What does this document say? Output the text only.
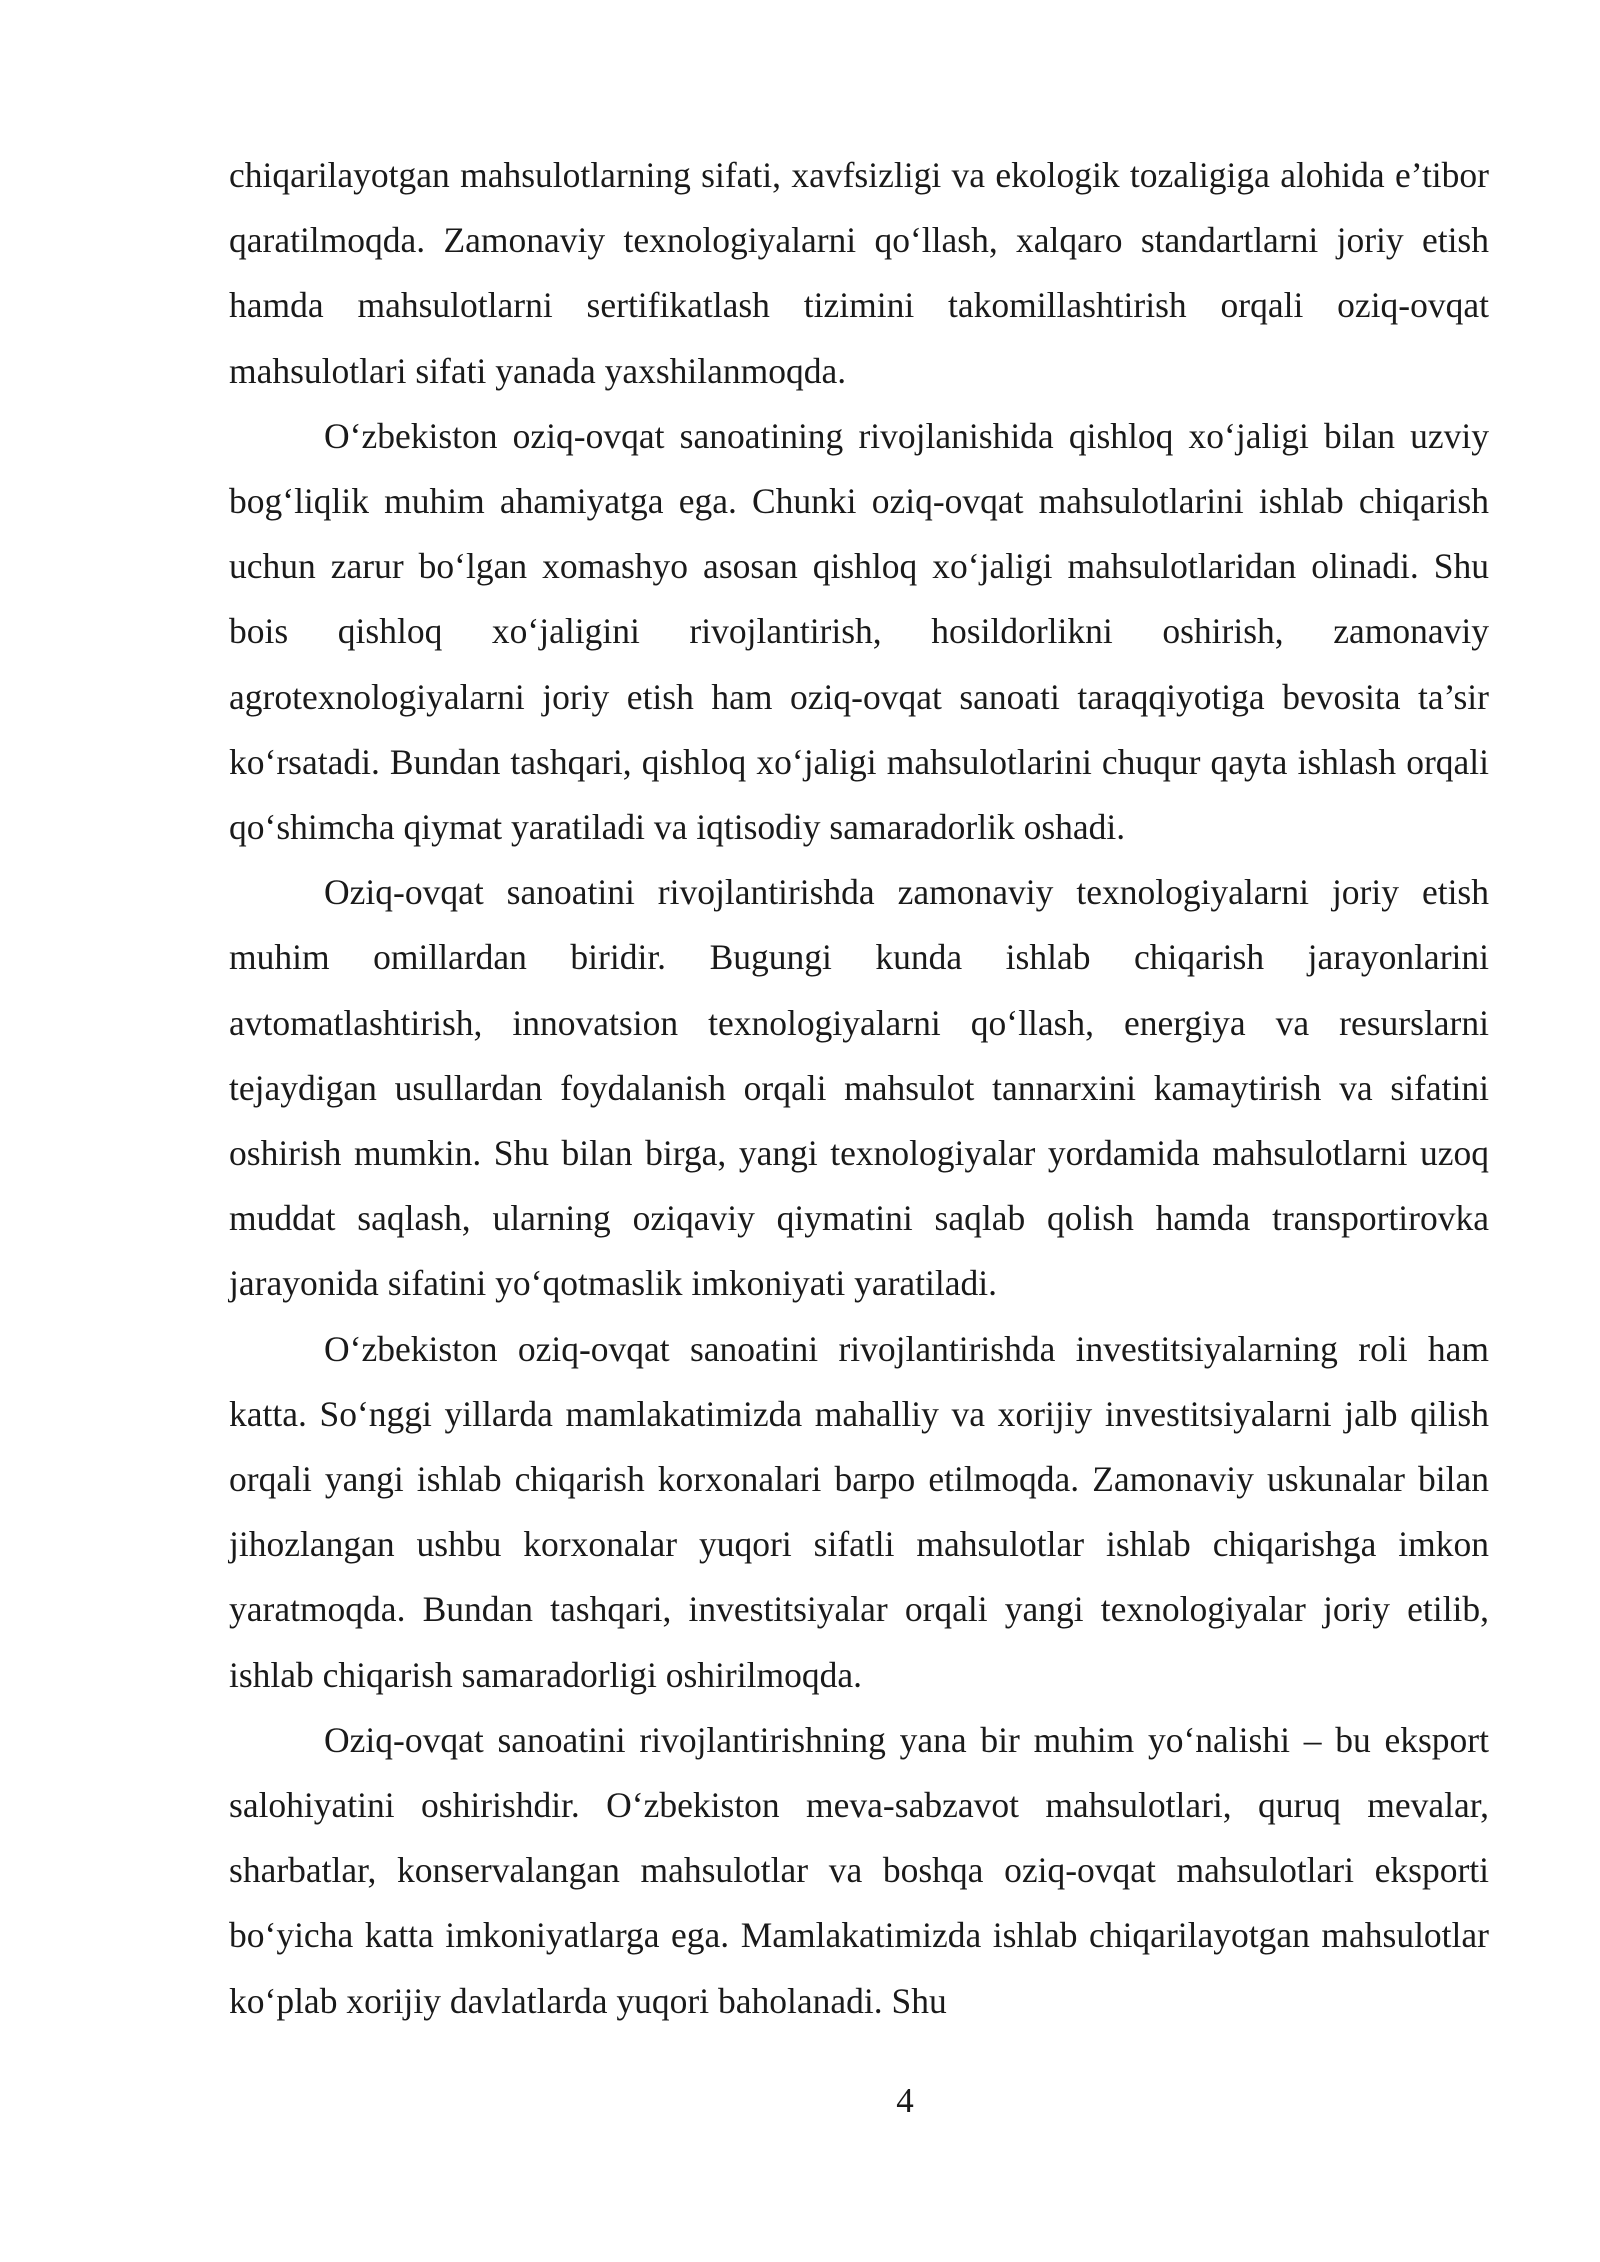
chiqarilayotgan mahsulotlarning sifati, xavfsizligi va ekologik tozaligiga alohida e’tibor qaratilmoqda. Zamonaviy texnologiyalarni qo‘llash, xalqaro standartlarni joriy etish hamda mahsulotlarni sertifikatlash tizimini takomillashtirish orqali oziq-ovqat mahsulotlari sifati yanada yaxshilanmoqda.

O‘zbekiston oziq-ovqat sanoatining rivojlanishida qishloq xo‘jaligi bilan uzviy bog‘liqlik muhim ahamiyatga ega. Chunki oziq-ovqat mahsulotlarini ishlab chiqarish uchun zarur bo‘lgan xomashyo asosan qishloq xo‘jaligi mahsulotlaridan olinadi. Shu bois qishloq xo‘jaligini rivojlantirish, hosildorlikni oshirish, zamonaviy agrotexnologiyalarni joriy etish ham oziq-ovqat sanoati taraqqiyotiga bevosita ta’sir ko‘rsatadi. Bundan tashqari, qishloq xo‘jaligi mahsulotlarini chuqur qayta ishlash orqali qo‘shimcha qiymat yaratiladi va iqtisodiy samaradorlik oshadi.

Oziq-ovqat sanoatini rivojlantirishda zamonaviy texnologiyalarni joriy etish muhim omillardan biridir. Bugungi kunda ishlab chiqarish jarayonlarini avtomatlashtirish, innovatsion texnologiyalarni qo‘llash, energiya va resurslarni tejaydigan usullardan foydalanish orqali mahsulot tannarxini kamaytirish va sifatini oshirish mumkin. Shu bilan birga, yangi texnologiyalar yordamida mahsulotlarni uzoq muddat saqlash, ularning oziqaviy qiymatini saqlab qolish hamda transportirovka jarayonida sifatini yo‘qotmaslik imkoniyati yaratiladi.

O‘zbekiston oziq-ovqat sanoatini rivojlantirishda investitsiyalarning roli ham katta. So‘nggi yillarda mamlakatimizda mahalliy va xorijiy investitsiyalarni jalb qilish orqali yangi ishlab chiqarish korxonalari barpo etilmoqda. Zamonaviy uskunalar bilan jihozlangan ushbu korxonalar yuqori sifatli mahsulotlar ishlab chiqarishga imkon yaratmoqda. Bundan tashqari, investitsiyalar orqali yangi texnologiyalar joriy etilib, ishlab chiqarish samaradorligi oshirilmoqda.

Oziq-ovqat sanoatini rivojlantirishning yana bir muhim yo‘nalishi – bu eksport salohiyatini oshirishdir. O‘zbekiston meva-sabzavot mahsulotlari, quruq mevalar, sharbatlar, konservalangan mahsulotlar va boshqa oziq-ovqat mahsulotlari eksporti bo‘yicha katta imkoniyatlarga ega. Mamlakatimizda ishlab chiqarilayotgan mahsulotlar ko‘plab xorijiy davlatlarda yuqori baholanadi. Shu

4
